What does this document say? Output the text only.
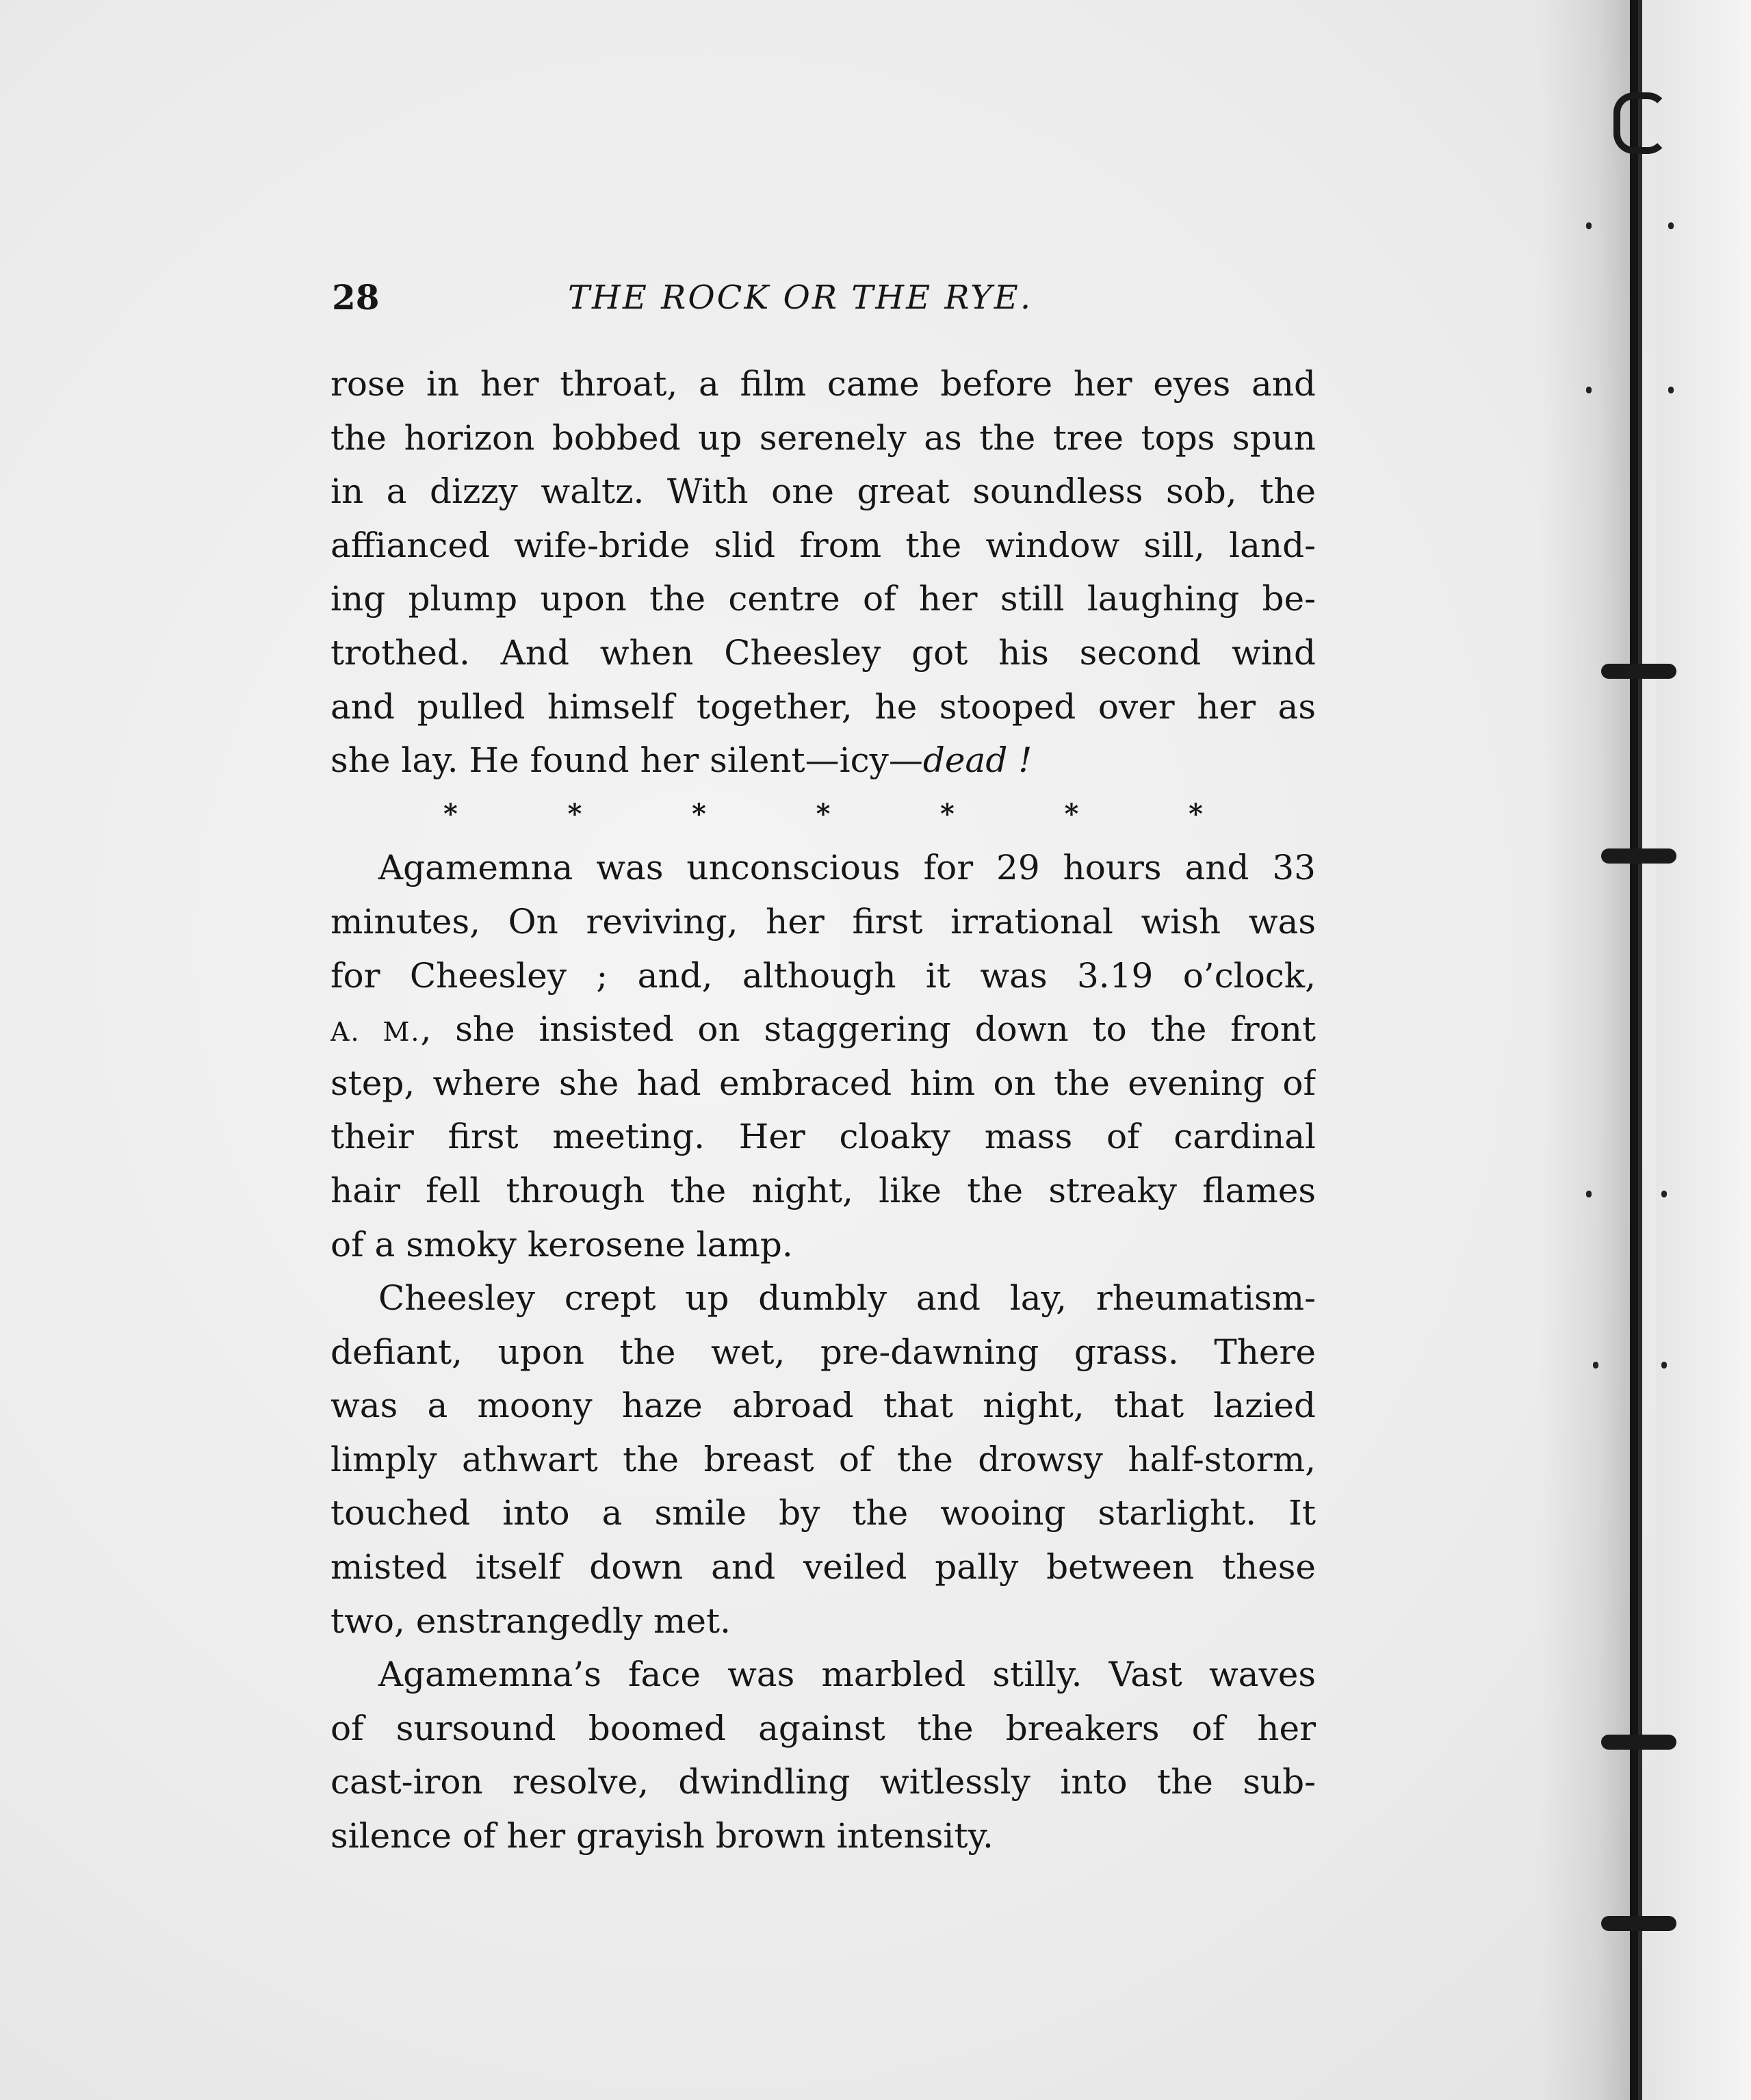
28	THE ROCK OR THE RYE.
rose in her throat, a film came before her eyes and
the horizon bobbed up serenely as the tree tops spun
in a dizzy waltz. With one great soundless sob, the
affianced wife-bride slid from the window sill, land-
ing plump upon the centre of her still laughing be-
trothed. And when Cheesley got his second wind
and pulled himself together, he stooped over her as
she lay. He found her silent—icy—dead !
*	*	*	*	*	*	*
Agamemna was unconscious for 29 hours and 33
minutes, On reviving, her first irrational wish was
for Cheesley ; and, although it was 3.19 o’clock,
A. M., she insisted on staggering down to the front
step, where she had embraced him on the evening of
their first meeting. Her cloaky mass of cardinal
hair fell through the night, like the streaky flames
of a smoky kerosene lamp.
Cheesley crept up dumbly and lay, rheumatism-
defiant, upon the wet, pre-dawning grass. There
was a moony haze abroad that night, that lazied
limply athwart the breast of the drowsy half-storm,
touched into a smile by the wooing starlight. It
misted itself down and veiled pally between these
two, enstrangedly met.
Agamemna’s face was marbled stilly. Vast waves
of sursound boomed against the breakers of her
cast-iron resolve, dwindling witlessly into the sub-
silence of her grayish brown intensity.
